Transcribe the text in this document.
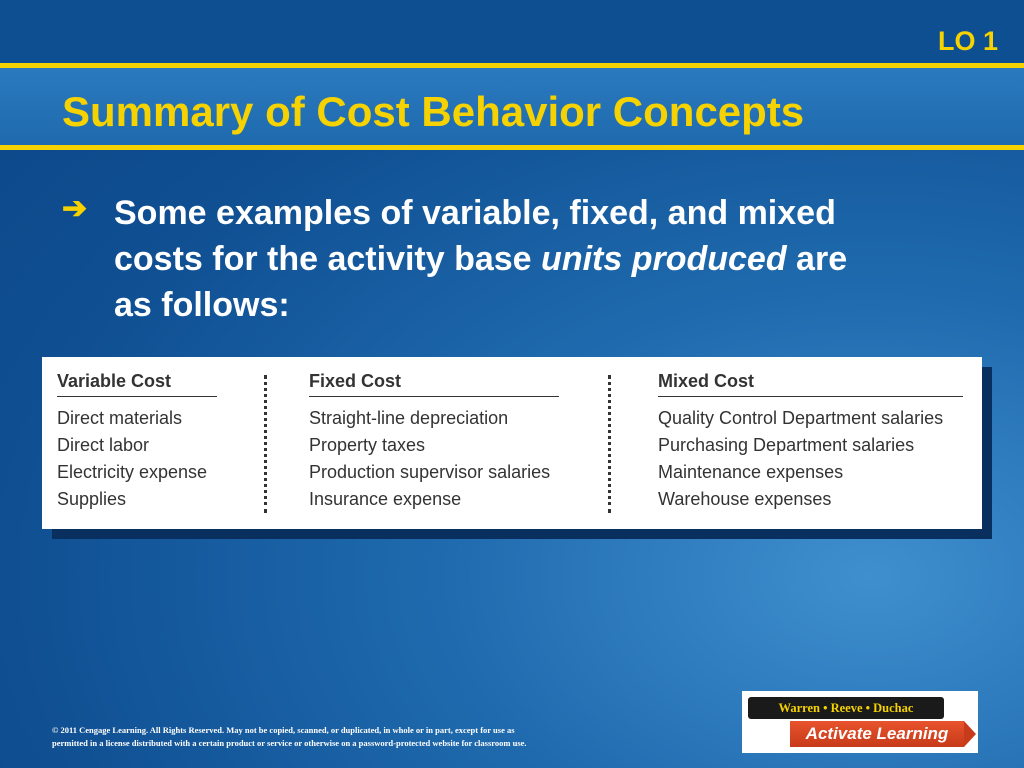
LO 1
Summary of Cost Behavior Concepts
➔ Some examples of variable, fixed, and mixed costs for the activity base units produced are as follows:

Variable Cost
Direct materials
Direct labor
Electricity expense
Supplies
Fixed Cost
Straight-line depreciation
Property taxes
Production supervisor salaries
Insurance expense
Mixed Cost
Quality Control Department salaries
Purchasing Department salaries
Maintenance expenses
Warehouse expenses

© 2011 Cengage Learning. All Rights Reserved. May not be copied, scanned, or duplicated, in whole or in part, except for use as
permitted in a license distributed with a certain product or service or otherwise on a password-protected website for classroom use.

Warren • Reeve • Duchac
Activate Learning
